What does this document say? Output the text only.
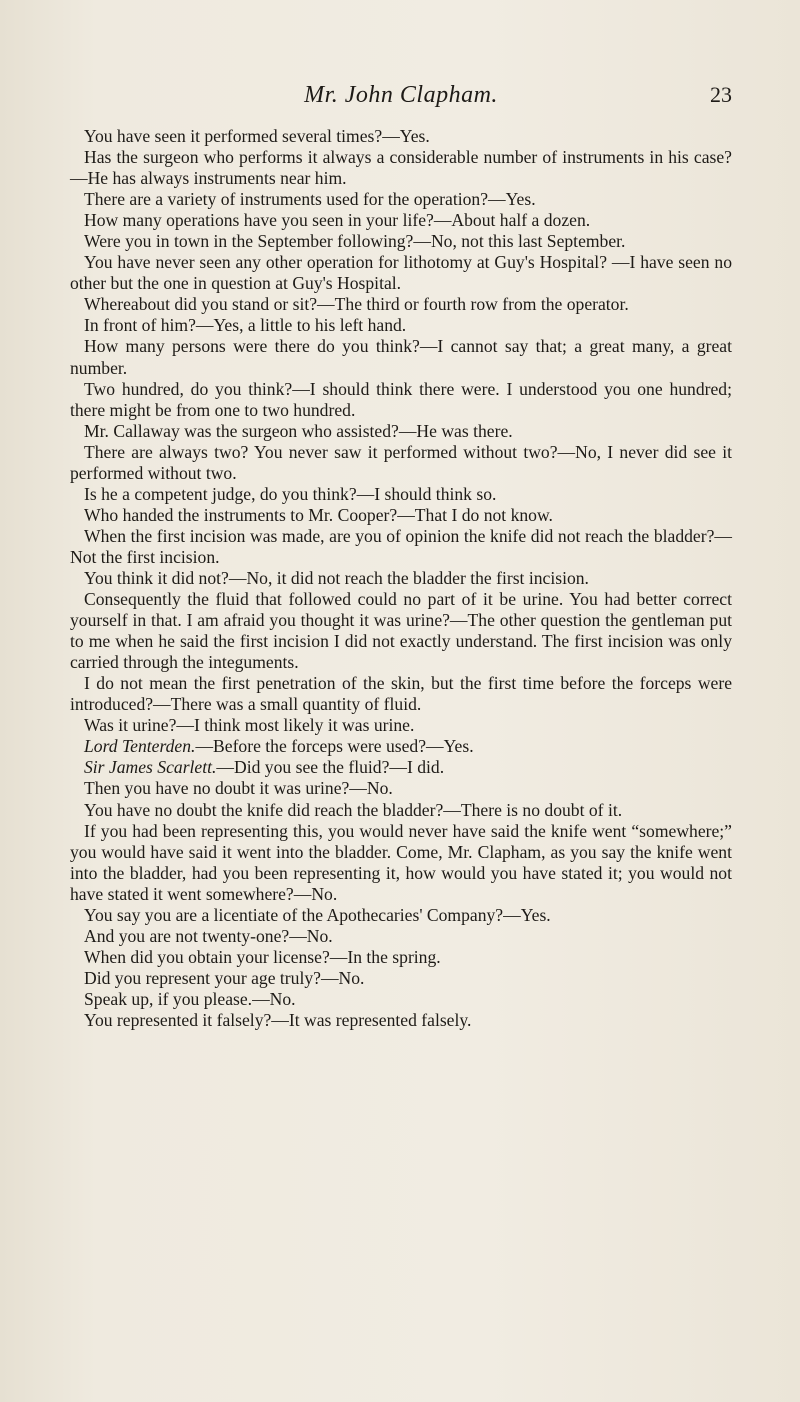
Mr. John Clapham.	23

You have seen it performed several times?—Yes.

Has the surgeon who performs it always a considerable number of instruments in his case?—He has always instruments near him.

There are a variety of instruments used for the operation?—Yes.

How many operations have you seen in your life?—About half a dozen.

Were you in town in the September following?—No, not this last September.

You have never seen any other operation for lithotomy at Guy's Hospital? —I have seen no other but the one in question at Guy's Hospital.

Whereabout did you stand or sit?—The third or fourth row from the operator.

In front of him?—Yes, a little to his left hand.

How many persons were there do you think?—I cannot say that; a great many, a great number.

Two hundred, do you think?—I should think there were. I understood you one hundred; there might be from one to two hundred.

Mr. Callaway was the surgeon who assisted?—He was there.

There are always two? You never saw it performed without two?—No, I never did see it performed without two.

Is he a competent judge, do you think?—I should think so.

Who handed the instruments to Mr. Cooper?—That I do not know.

When the first incision was made, are you of opinion the knife did not reach the bladder?—Not the first incision.

You think it did not?—No, it did not reach the bladder the first incision.

Consequently the fluid that followed could no part of it be urine. You had better correct yourself in that. I am afraid you thought it was urine?—The other question the gentleman put to me when he said the first incision I did not exactly understand. The first incision was only carried through the integuments.

I do not mean the first penetration of the skin, but the first time before the forceps were introduced?—There was a small quantity of fluid.

Was it urine?—I think most likely it was urine.

Lord Tenterden.—Before the forceps were used?—Yes.

Sir James Scarlett.—Did you see the fluid?—I did.

Then you have no doubt it was urine?—No.

You have no doubt the knife did reach the bladder?—There is no doubt of it.

If you had been representing this, you would never have said the knife went “somewhere;” you would have said it went into the bladder. Come, Mr. Clapham, as you say the knife went into the bladder, had you been representing it, how would you have stated it; you would not have stated it went somewhere?—No.

You say you are a licentiate of the Apothecaries' Company?—Yes.

And you are not twenty-one?—No.

When did you obtain your license?—In the spring.

Did you represent your age truly?—No.

Speak up, if you please.—No.

You represented it falsely?—It was represented falsely.
